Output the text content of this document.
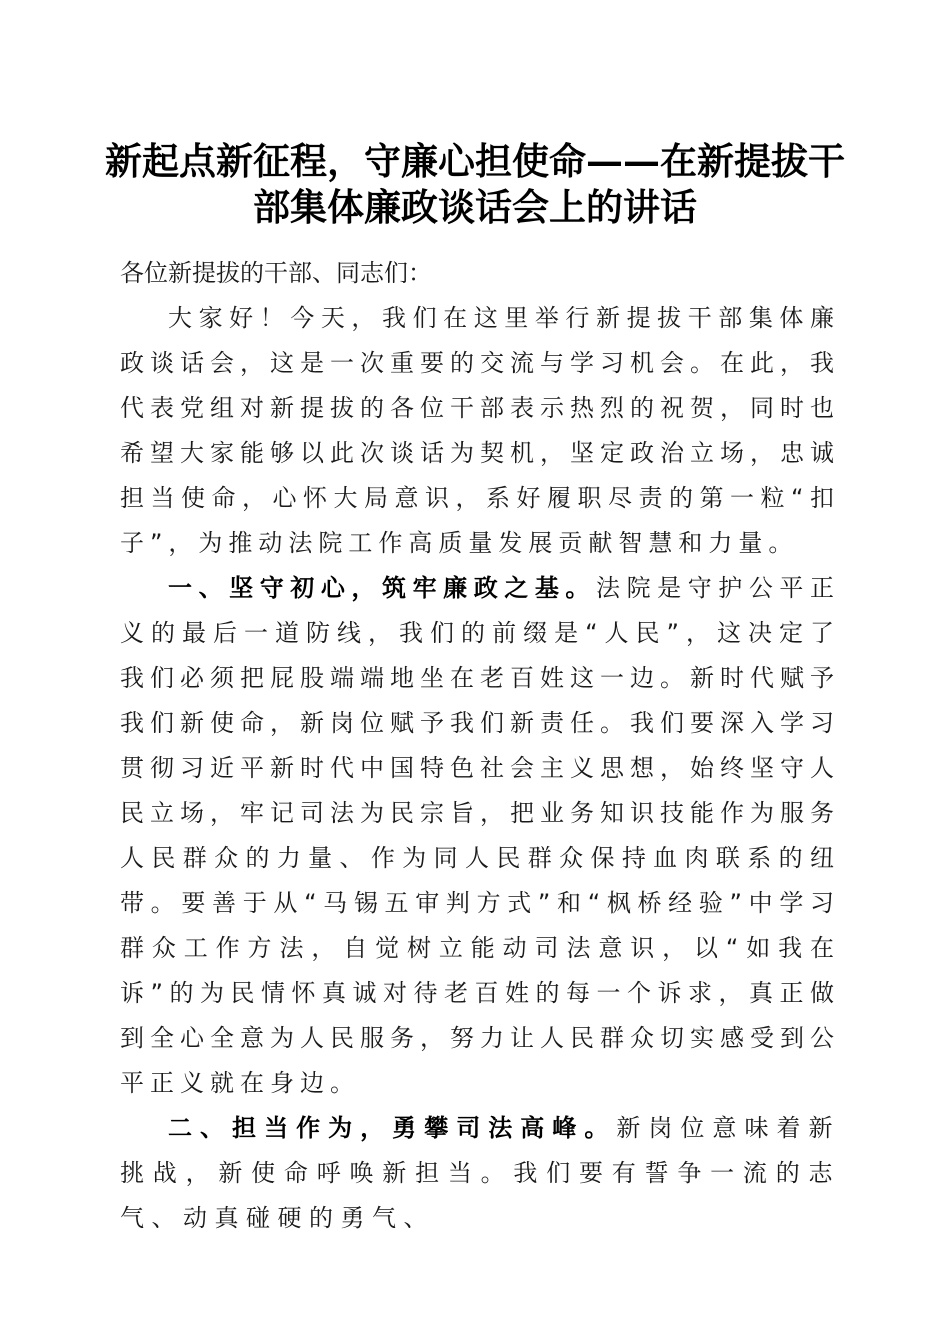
新起点新征程，守廉心担使命——在新提拔干
部集体廉政谈话会上的讲话

各位新提拔的干部、同志们：

大家好！今天，我们在这里举行新提拔干部集体廉政谈话会，这是一次重要的交流与学习机会。在此，我代表党组对新提拔的各位干部表示热烈的祝贺，同时也希望大家能够以此次谈话为契机，坚定政治立场，忠诚担当使命，心怀大局意识，系好履职尽责的第一粒“扣子”，为推动法院工作高质量发展贡献智慧和力量。

一、坚守初心，筑牢廉政之基。法院是守护公平正义的最后一道防线，我们的前缀是“人民”，这决定了我们必须把屁股端端地坐在老百姓这一边。新时代赋予我们新使命，新岗位赋予我们新责任。我们要深入学习贯彻习近平新时代中国特色社会主义思想，始终坚守人民立场，牢记司法为民宗旨，把业务知识技能作为服务人民群众的力量、作为同人民群众保持血肉联系的纽带。要善于从“马锡五审判方式”和“枫桥经验”中学习群众工作方法，自觉树立能动司法意识，以“如我在诉”的为民情怀真诚对待老百姓的每一个诉求，真正做到全心全意为人民服务，努力让人民群众切实感受到公平正义就在身边。

二、担当作为，勇攀司法高峰。新岗位意味着新挑战，新使命呼唤新担当。我们要有誓争一流的志气、动真碰硬的勇气、
